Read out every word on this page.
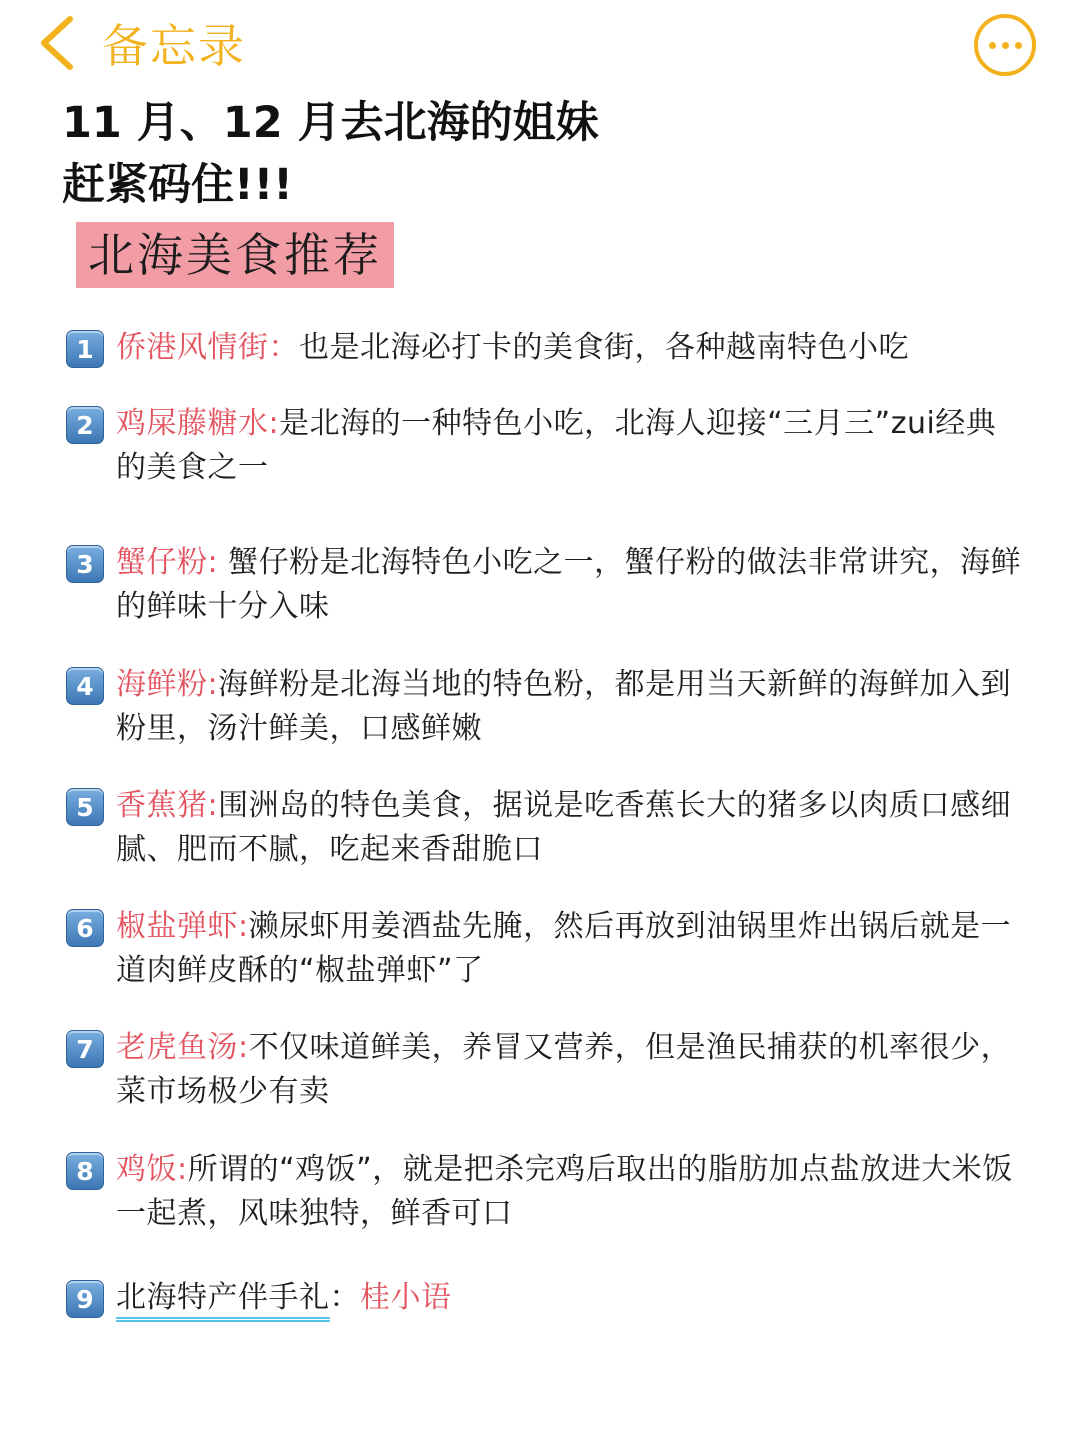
备忘录
11 月、12 月去北海的姐妹
赶紧码住!!!
北海美食推荐
1 侨港风情街：也是北海必打卡的美食街，各种越南特色小吃
2 鸡屎藤糖水:是北海的一种特色小吃，北海人迎接“三月三”zui经典的美食之一
3 蟹仔粉: 蟹仔粉是北海特色小吃之一，蟹仔粉的做法非常讲究，海鲜的鲜味十分入味
4 海鲜粉:海鲜粉是北海当地的特色粉，都是用当天新鲜的海鲜加入到粉里，汤汁鲜美，口感鲜嫩
5 香蕉猪:围洲岛的特色美食，据说是吃香蕉长大的猪多以肉质口感细腻、肥而不腻，吃起来香甜脆口
6 椒盐弹虾:濑尿虾用姜酒盐先腌，然后再放到油锅里炸出锅后就是一道肉鲜皮酥的“椒盐弹虾”了
7 老虎鱼汤:不仅味道鲜美，养冒又营养，但是渔民捕获的机率很少，菜市场极少有卖
8 鸡饭:所谓的“鸡饭”，就是把杀完鸡后取出的脂肪加点盐放进大米饭一起煮，风味独特，鲜香可口
9 北海特产伴手礼：桂小语
